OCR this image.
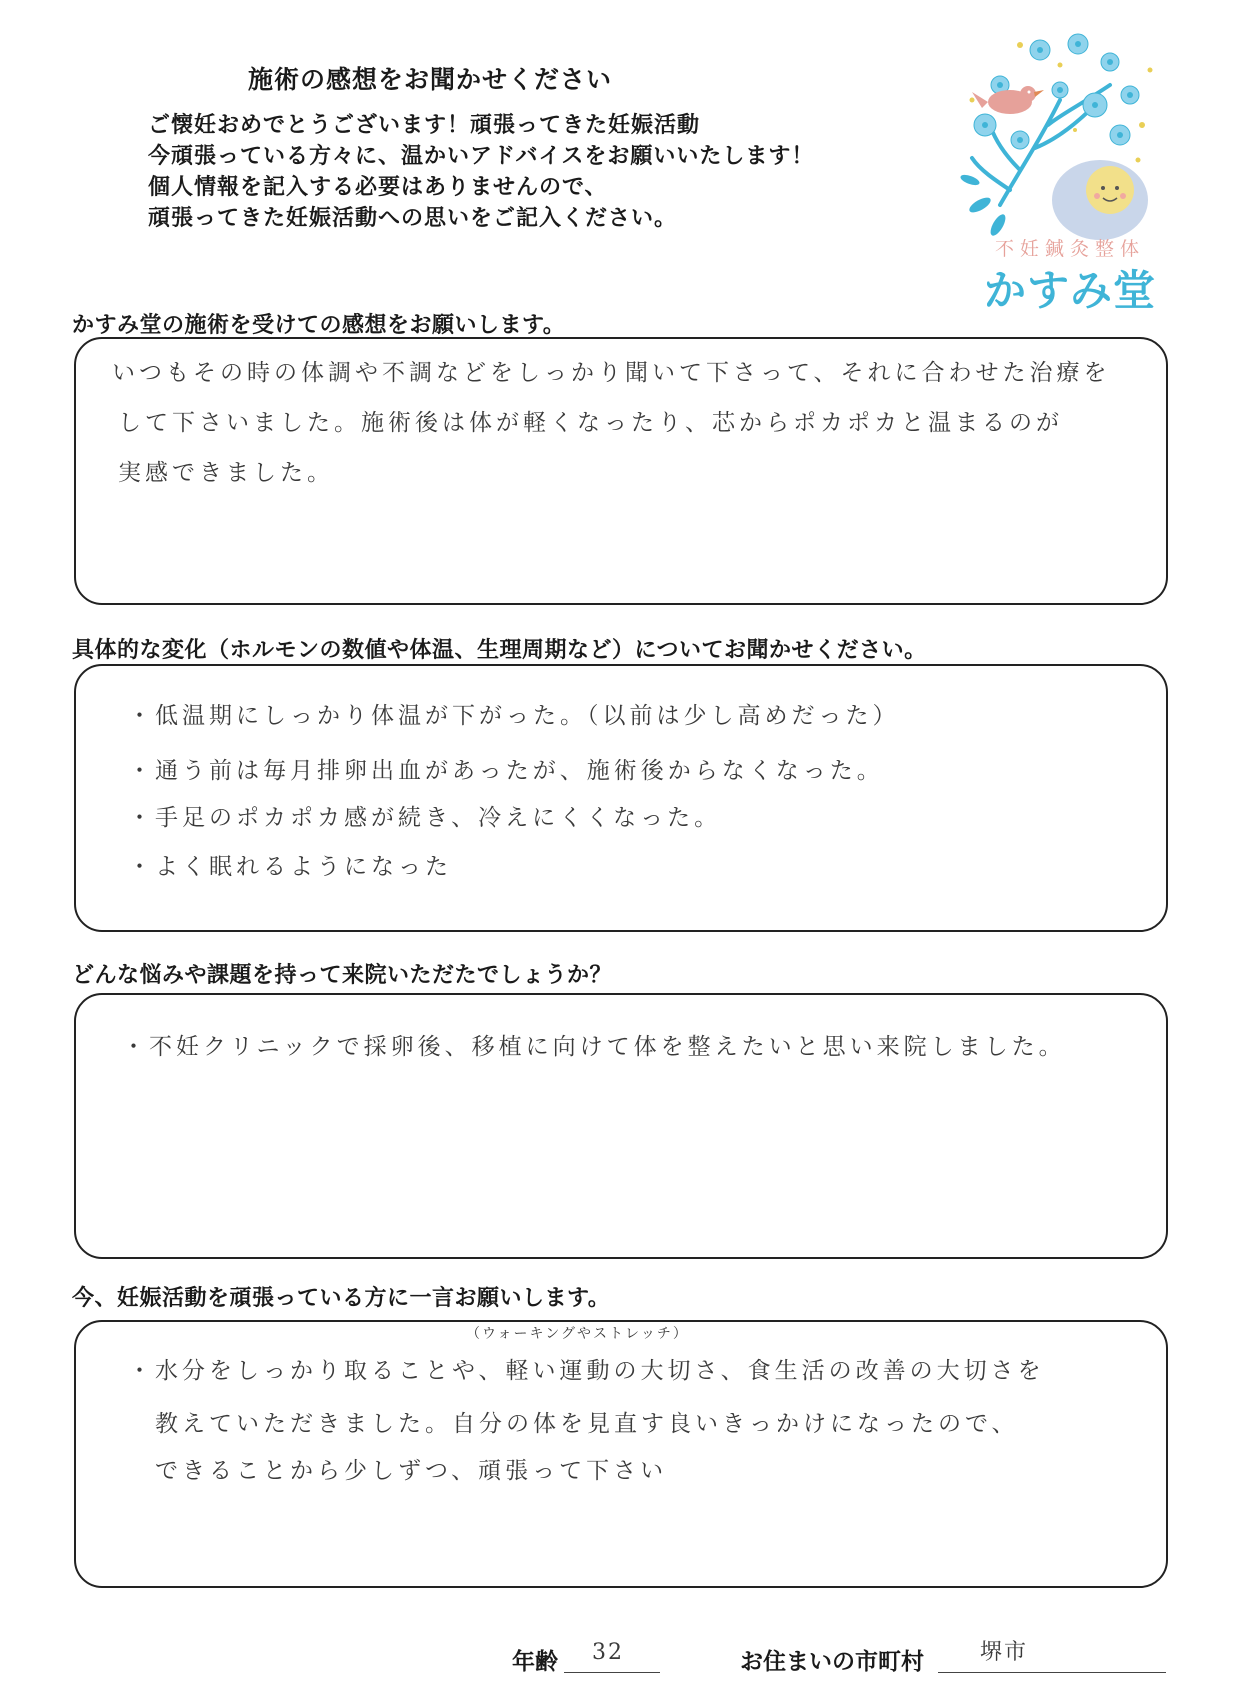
施術の感想をお聞かせください
ご懐妊おめでとうございます！頑張ってきた妊娠活動
今頑張っている方々に、温かいアドバイスをお願いいたします！
個人情報を記入する必要はありませんので、
頑張ってきた妊娠活動への思いをご記入ください。
不妊鍼灸整体
かすみ堂
かすみ堂の施術を受けての感想をお願いします。
いつもその時の体調や不調などをしっかり聞いて下さって、それに合わせた治療を
して下さいました。施術後は体が軽くなったり、芯からポカポカと温まるのが
実感できました。
具体的な変化（ホルモンの数値や体温、生理周期など）についてお聞かせください。
・低温期にしっかり体温が下がった。（以前は少し高めだった）
・通う前は毎月排卵出血があったが、施術後からなくなった。
・手足のポカポカ感が続き、冷えにくくなった。
・よく眠れるようになった
どんな悩みや課題を持って来院いただたでしょうか？
・不妊クリニックで採卵後、移植に向けて体を整えたいと思い来院しました。
今、妊娠活動を頑張っている方に一言お願いします。
（ウォーキングやストレッチ）
・水分をしっかり取ることや、軽い運動の大切さ、食生活の改善の大切さを
教えていただきました。自分の体を見直す良いきっかけになったので、
できることから少しずつ、頑張って下さい
年齢 32	お住まいの市町村	堺市
